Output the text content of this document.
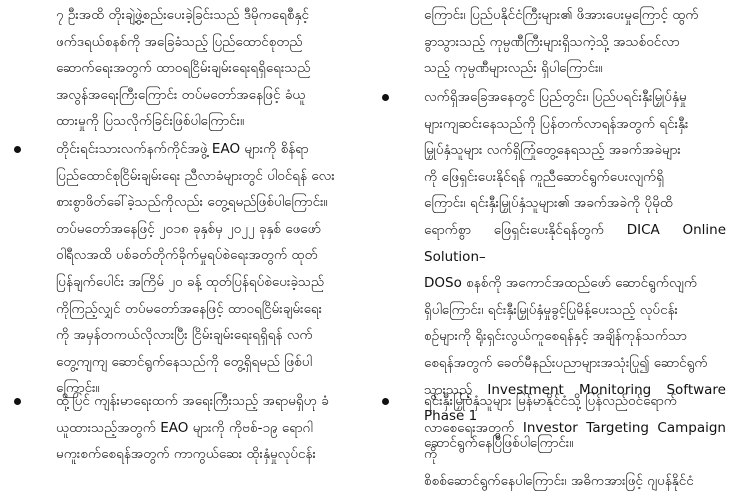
၇ ဦးအထိ တိုးချဲ့ဖွဲ့စည်းပေးခဲ့ခြင်းသည် ဒီမိုကရေစီနှင့်
ဖက်ဒရယ်စနစ်ကို အခြေခံသည့် ပြည်ထောင်စုတည်
ဆောက်ရေးအတွက် ထာဝရငြိမ်းချမ်းရေးရရှိရေးသည်
အလွန်အရေးကြီးကြောင်း တပ်မတော်အနေဖြင့် ခံယူ
ထားမှုကို ပြသလိုက်ခြင်းဖြစ်ပါကြောင်း။

တိုင်းရင်းသားလက်နက်ကိုင်အဖွဲ့ EAO များကို စိန်ရာ
ပြည်ထောင်စုငြိမ်းချမ်းရေး ညီလာခံများတွင် ပါဝင်ရန် လေး
စားစွာဖိတ်ခေါ်ခဲ့သည်ကိုလည်း တွေ့ရမည်ဖြစ်ပါကြောင်း။
တပ်မတော်အနေဖြင့် ၂၀၁၈ ခုနှစ်မှ ၂၀၂၂ ခုနှစ် ဖေဖော်
ဝါရီလအထိ ပစ်ခတ်တိုက်ခိုက်မှုရပ်စဲရေးအတွက် ထုတ်
ပြန်ချက်ပေါင်း အကြိမ် ၂၀ ခန့် ထုတ်ပြန်ရပ်စဲပေးခဲ့သည်
ကိုကြည့်လျှင် တပ်မတော်အနေဖြင့် ထာဝရငြိမ်းချမ်းရေး
ကို အမှန်တကယ်လိုလားပြီး ငြိမ်းချမ်းရေးရရှိရန် လက်
တွေ့ကျကျ ဆောင်ရွက်နေသည်ကို တွေ့ရှိရမည် ဖြစ်ပါ
ကြောင်း။

ထို့ပြင် ကျန်းမာရေးထက် အရေးကြီးသည့် အရာမရှိဟု ခံ
ယူထားသည့်အတွက် EAO များကို ကိုဗစ်-၁၉ ရောဂါ
မကူးစက်စေရန်အတွက် ကာကွယ်ဆေး ထိုးနှံမှုလုပ်ငန်း

ကြောင်း၊ ပြည်ပနိုင်ငံကြီးများ၏ ဖိအားပေးမှုကြောင့် ထွက်
ခွာသွားသည့် ကုမ္ပဏီကြီးများရှိသကဲ့သို့ အသစ်ဝင်လာ
သည့် ကုမ္ပဏီများလည်း ရှိပါကြောင်း။

လက်ရှိအခြေအနေတွင် ပြည်တွင်း၊ ပြည်ပရင်းနှီးမြှုပ်နှံမှု
များကျဆင်းနေသည်ကို ပြန်တက်လာရန်အတွက် ရင်းနှီး
မြှုပ်နှံသူများ လက်ရှိကြုံတွေ့နေရသည့် အခက်အခဲများ
ကို ဖြေရှင်းပေးနိုင်ရန် ကူညီဆောင်ရွက်ပေးလျက်ရှိ
ကြောင်း၊ ရင်းနှီးမြှုပ်နှံသူများ၏ အခက်အခဲကို ပိုမိုထိ
ရောက်စွာ ဖြေရှင်းပေးနိုင်ရန်တွက် DICA Online Solution–
DOSo စနစ်ကို အကောင်အထည်ဖော် ဆောင်ရွက်လျက်
ရှိပါကြောင်း၊ ရင်းနှီးမြှုပ်နှံမှုခွင့်ပြုမိန့်ပေးသည့် လုပ်ငန်း
စဉ်များကို ရိုးရှင်းလွယ်ကူစေရန်နှင့် အချိန်ကုန်သက်သာ
စေရန်အတွက် ခေတ်မီနည်းပညာများအသုံးပြု၍ ဆောင်ရွက်
သွားသည့် Investment Monitoring Software Phase 1
ဆောင်ရွက်နေပြီဖြစ်ပါကြောင်း။

ရင်းနှီးမြှုပ်နှံသူများ မြန်မာနိုင်ငံသို့ ပြန်လည်ဝင်ရောက်
လာစေရေးအတွက် Investor Targeting Campaign ကို
စိစစ်ဆောင်ရွက်နေပါကြောင်း၊ အဓိကအားဖြင့် ဂျပန်နိုင်ငံ
